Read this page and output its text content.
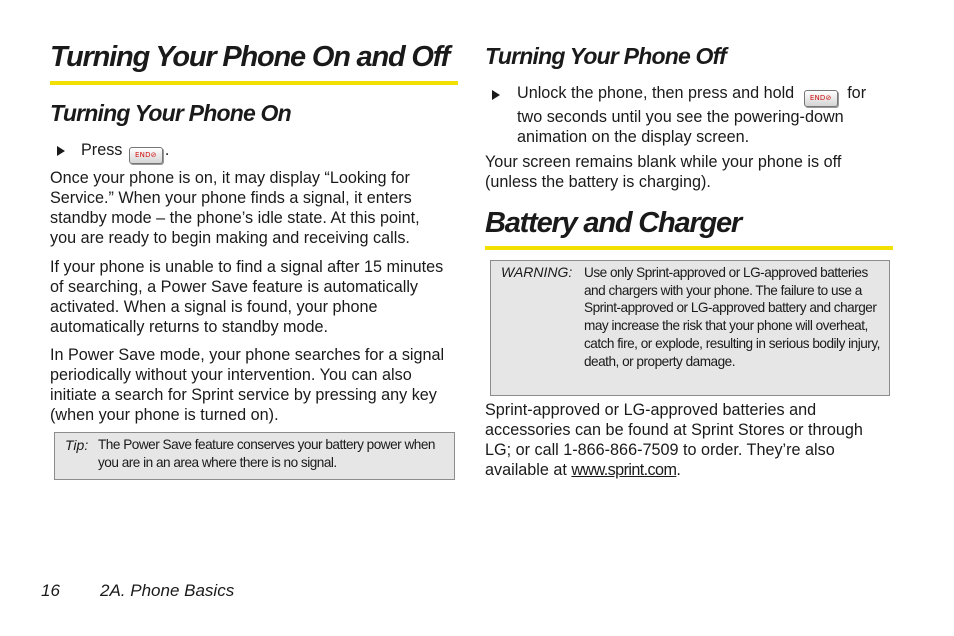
Turning Your Phone On and Off
Turning Your Phone On
Press END⊘ .

Once your phone is on, it may display “Looking for Service.” When your phone finds a signal, it enters standby mode – the phone’s idle state. At this point, you are ready to begin making and receiving calls.

If your phone is unable to find a signal after 15 minutes of searching, a Power Save feature is automatically activated. When a signal is found, your phone automatically returns to standby mode.

In Power Save mode, your phone searches for a signal periodically without your intervention. You can also initiate a search for Sprint service by pressing any key (when your phone is turned on).

Tip: The Power Save feature conserves your battery power when you are in an area where there is no signal.

Turning Your Phone Off
Unlock the phone, then press and hold END⊘ for two seconds until you see the powering-down animation on the display screen.

Your screen remains blank while your phone is off (unless the battery is charging).

Battery and Charger
WARNING: Use only Sprint-approved or LG-approved batteries and chargers with your phone. The failure to use a Sprint-approved or LG-approved battery and charger may increase the risk that your phone will overheat, catch fire, or explode, resulting in serious bodily injury, death, or property damage.

Sprint-approved or LG-approved batteries and accessories can be found at Sprint Stores or through LG; or call 1-866-866-7509 to order. They’re also available at www.sprint.com.

16 2A. Phone Basics
